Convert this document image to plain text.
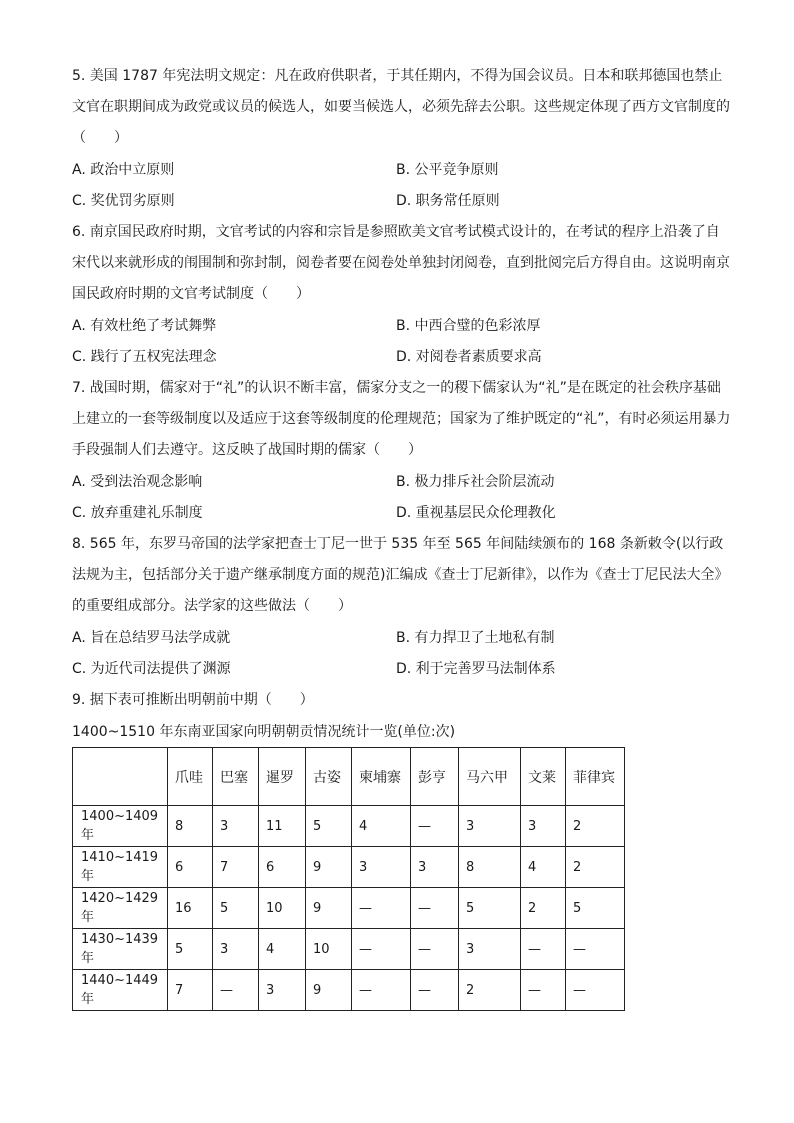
5. 美国 1787 年宪法明文规定：凡在政府供职者，于其任期内，不得为国会议员。日本和联邦德国也禁止文官在职期间成为政党或议员的候选人，如要当候选人，必须先辞去公职。这些规定体现了西方文官制度的（　　）

A. 政治中立原则	B. 公平竞争原则
C. 奖优罚劣原则	D. 职务常任原则

6. 南京国民政府时期，文官考试的内容和宗旨是参照欧美文官考试模式设计的，在考试的程序上沿袭了自宋代以来就形成的闱围制和弥封制，阅卷者要在阅卷处单独封闭阅卷，直到批阅完后方得自由。这说明南京国民政府时期的文官考试制度（　　）

A. 有效杜绝了考试舞弊	B. 中西合璧的色彩浓厚
C. 践行了五权宪法理念	D. 对阅卷者素质要求高

7. 战国时期，儒家对于“礼”的认识不断丰富，儒家分支之一的稷下儒家认为“礼”是在既定的社会秩序基础上建立的一套等级制度以及适应于这套等级制度的伦理规范；国家为了维护既定的“礼”，有时必须运用暴力手段强制人们去遵守。这反映了战国时期的儒家（　　）

A. 受到法治观念影响	B. 极力排斥社会阶层流动
C. 放弃重建礼乐制度	D. 重视基层民众伦理教化

8. 565 年，东罗马帝国的法学家把查士丁尼一世于 535 年至 565 年间陆续颁布的 168 条新敕令(以行政法规为主，包括部分关于遗产继承制度方面的规范)汇编成《查士丁尼新律》，以作为《查士丁尼民法大全》的重要组成部分。法学家的这些做法（　　）

A. 旨在总结罗马法学成就	B. 有力捍卫了土地私有制
C. 为近代司法提供了渊源	D. 利于完善罗马法制体系

9. 据下表可推断出明朝前中期（　　）

1400~1510 年东南亚国家向明朝朝贡情况统计一览(单位:次)
	爪哇	巴塞	暹罗	古姿	柬埔寨	彭亨	马六甲	文莱	菲律宾
1400~1409 年	8	3	11	5	4	—	3	3	2
1410~1419 年	6	7	6	9	3	3	8	4	2
1420~1429 年	16	5	10	9	—	—	5	2	5
1430~1439 年	5	3	4	10	—	—	3	—	—
1440~1449 年	7	—	3	9	—	—	2	—	—
